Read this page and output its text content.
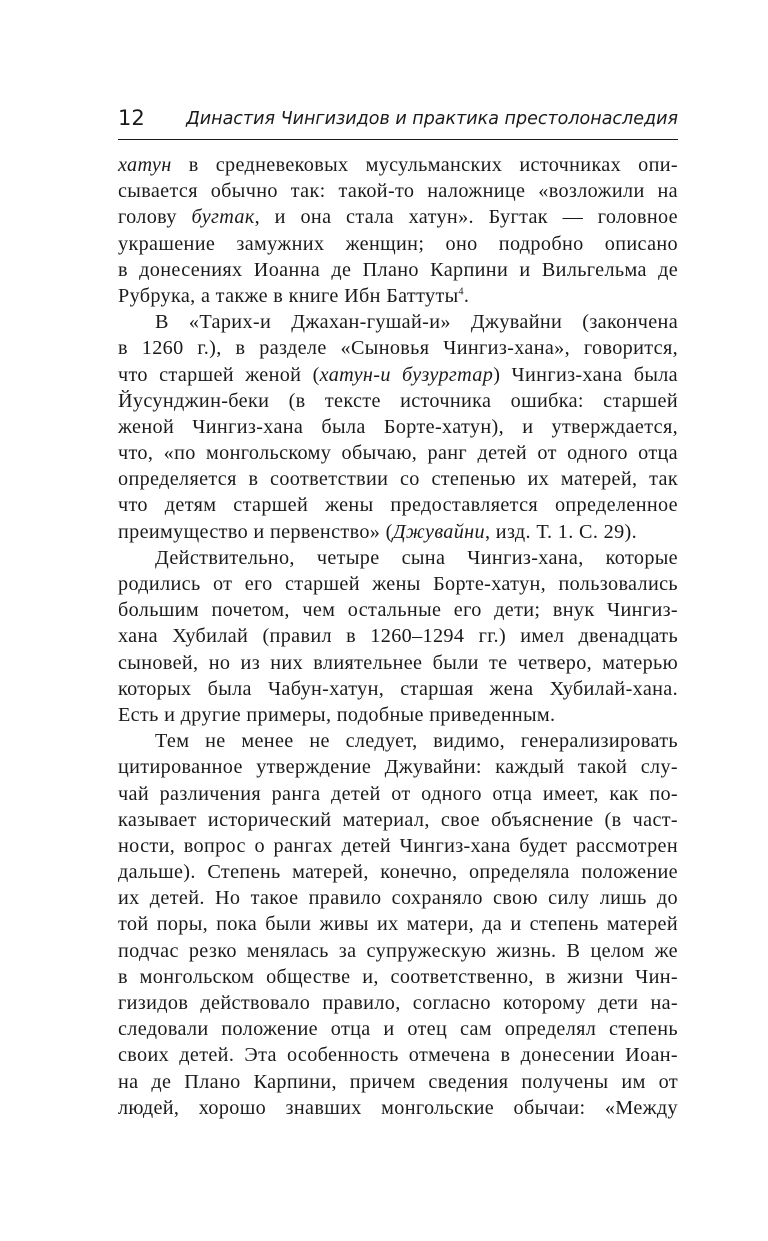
12 Династия Чингизидов и практика престолонаследия
хатун в средневековых мусульманских источниках опи-
сывается обычно так: такой-то наложнице «возложили на
голову бугтак, и она стала хатун». Бугтак — головное
украшение замужних женщин; оно подробно описано
в донесениях Иоанна де Плано Карпини и Вильгельма де
Рубрука, а также в книге Ибн Баттуты$^4$.
В «Тарих-и Джахан-гушай-и» Джувайни (закончена
в 1260 г.), в разделе «Сыновья Чингиз-хана», говорится,
что старшей женой (хатун-и бузургтар) Чингиз-хана была
Йусунджин-беки (в тексте источника ошибка: старшей
женой Чингиз-хана была Борте-хатун), и утверждается,
что, «по монгольскому обычаю, ранг детей от одного отца
определяется в соответствии со степенью их матерей, так
что детям старшей жены предоставляется определенное
преимущество и первенство» (Джувайни, изд. Т. 1. С. 29).
Действительно, четыре сына Чингиз-хана, которые
родились от его старшей жены Борте-хатун, пользовались
большим почетом, чем остальные его дети; внук Чингиз-
хана Хубилай (правил в 1260–1294 гг.) имел двенадцать
сыновей, но из них влиятельнее были те четверо, матерью
которых была Чабун-хатун, старшая жена Хубилай-хана.
Есть и другие примеры, подобные приведенным.
Тем не менее не следует, видимо, генерализировать
цитированное утверждение Джувайни: каждый такой слу-
чай различения ранга детей от одного отца имеет, как по-
казывает исторический материал, свое объяснение (в част-
ности, вопрос о рангах детей Чингиз-хана будет рассмотрен
дальше). Степень матерей, конечно, определяла положение
их детей. Но такое правило сохраняло свою силу лишь до
той поры, пока были живы их матери, да и степень матерей
подчас резко менялась за супружескую жизнь. В целом же
в монгольском обществе и, соответственно, в жизни Чин-
гизидов действовало правило, согласно которому дети на-
следовали положение отца и отец сам определял степень
своих детей. Эта особенность отмечена в донесении Иоан-
на де Плано Карпини, причем сведения получены им от
людей, хорошо знавших монгольские обычаи: «Между
